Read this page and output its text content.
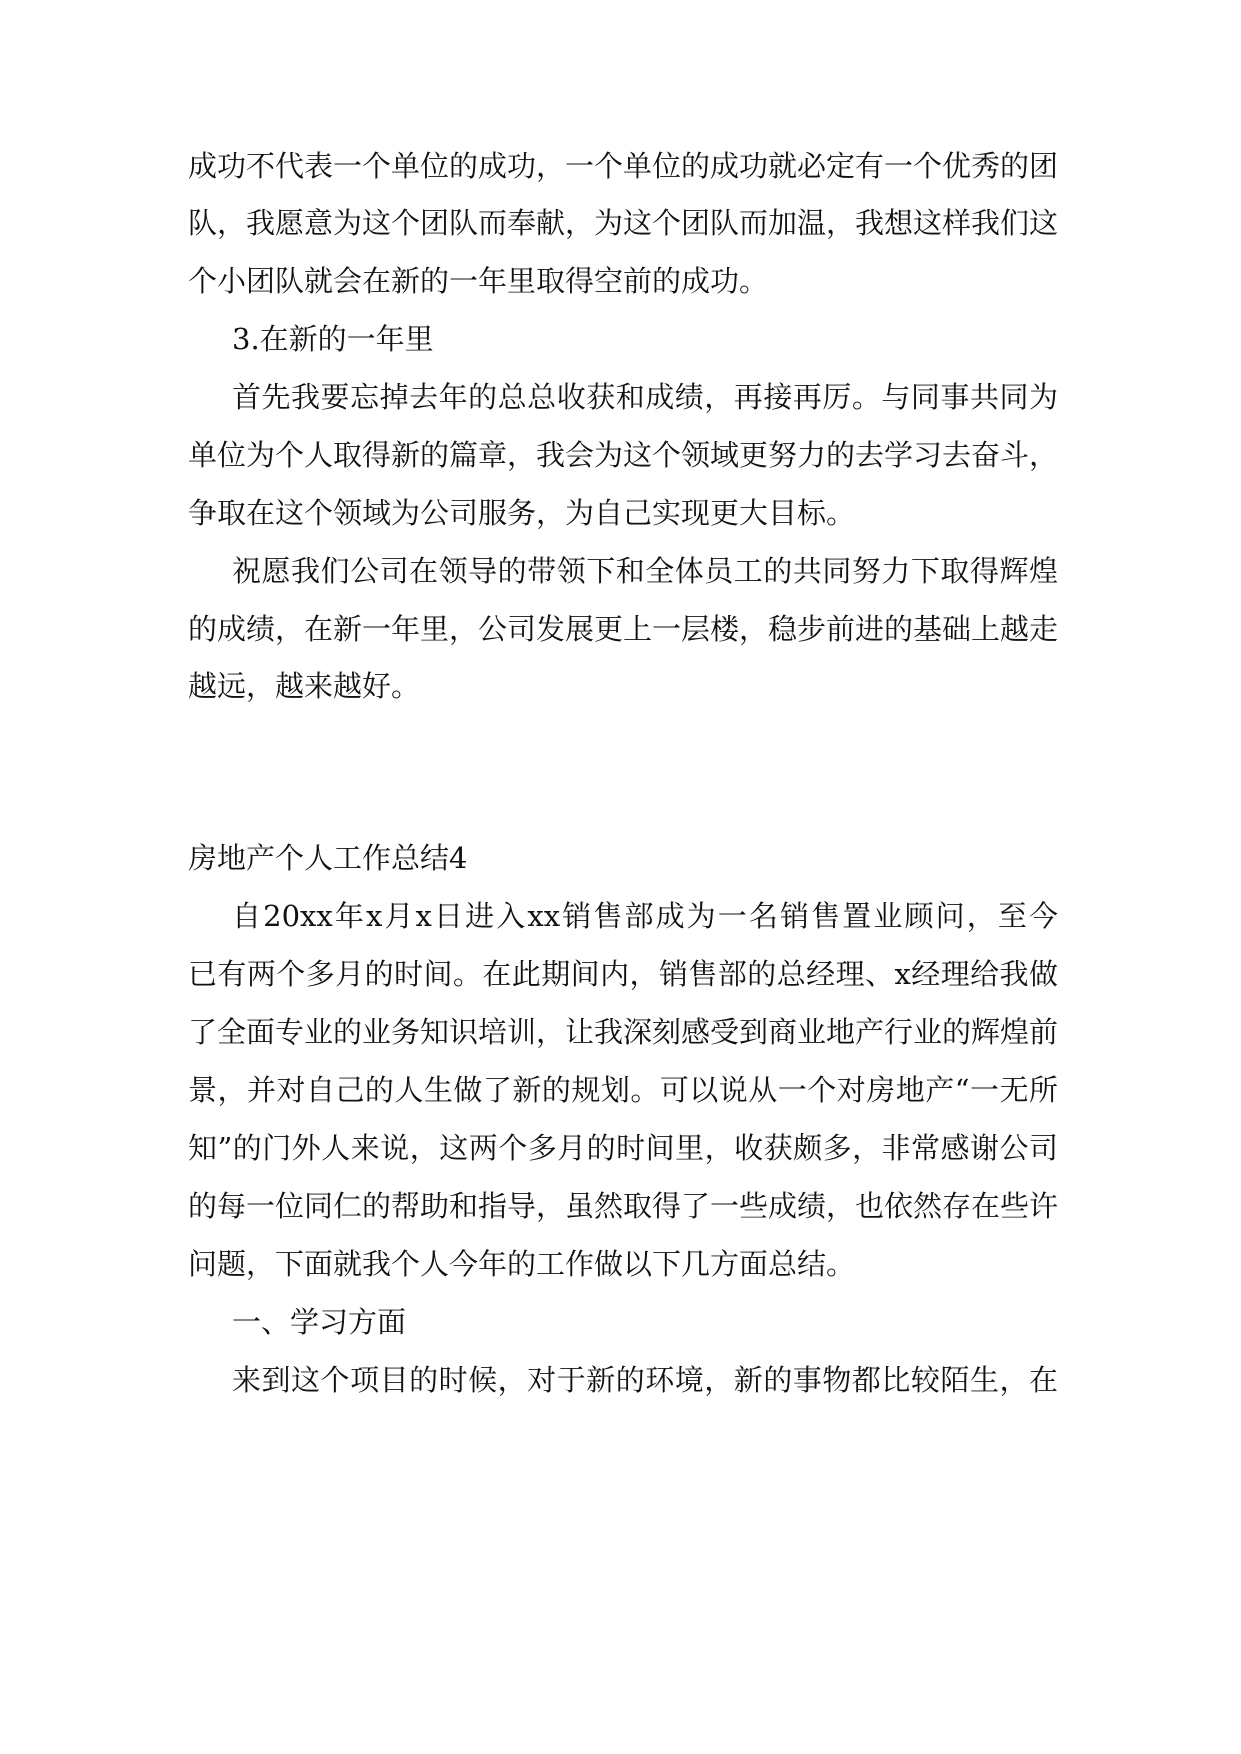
成功不代表一个单位的成功，一个单位的成功就必定有一个优秀的团
队，我愿意为这个团队而奉献，为这个团队而加温，我想这样我们这
个小团队就会在新的一年里取得空前的成功。
3.在新的一年里
首先我要忘掉去年的总总收获和成绩，再接再厉。与同事共同为
单位为个人取得新的篇章，我会为这个领域更努力的去学习去奋斗，
争取在这个领域为公司服务，为自己实现更大目标。
祝愿我们公司在领导的带领下和全体员工的共同努力下取得辉煌
的成绩，在新一年里，公司发展更上一层楼，稳步前进的基础上越走
越远，越来越好。
房地产个人工作总结4
自20xx年x月x日进入xx销售部成为一名销售置业顾问，至今
已有两个多月的时间。在此期间内，销售部的总经理、x经理给我做
了全面专业的业务知识培训，让我深刻感受到商业地产行业的辉煌前
景，并对自己的人生做了新的规划。可以说从一个对房地产“一无所
知”的门外人来说，这两个多月的时间里，收获颇多，非常感谢公司
的每一位同仁的帮助和指导，虽然取得了一些成绩，也依然存在些许
问题，下面就我个人今年的工作做以下几方面总结。
一、学习方面
来到这个项目的时候，对于新的环境，新的事物都比较陌生，在
